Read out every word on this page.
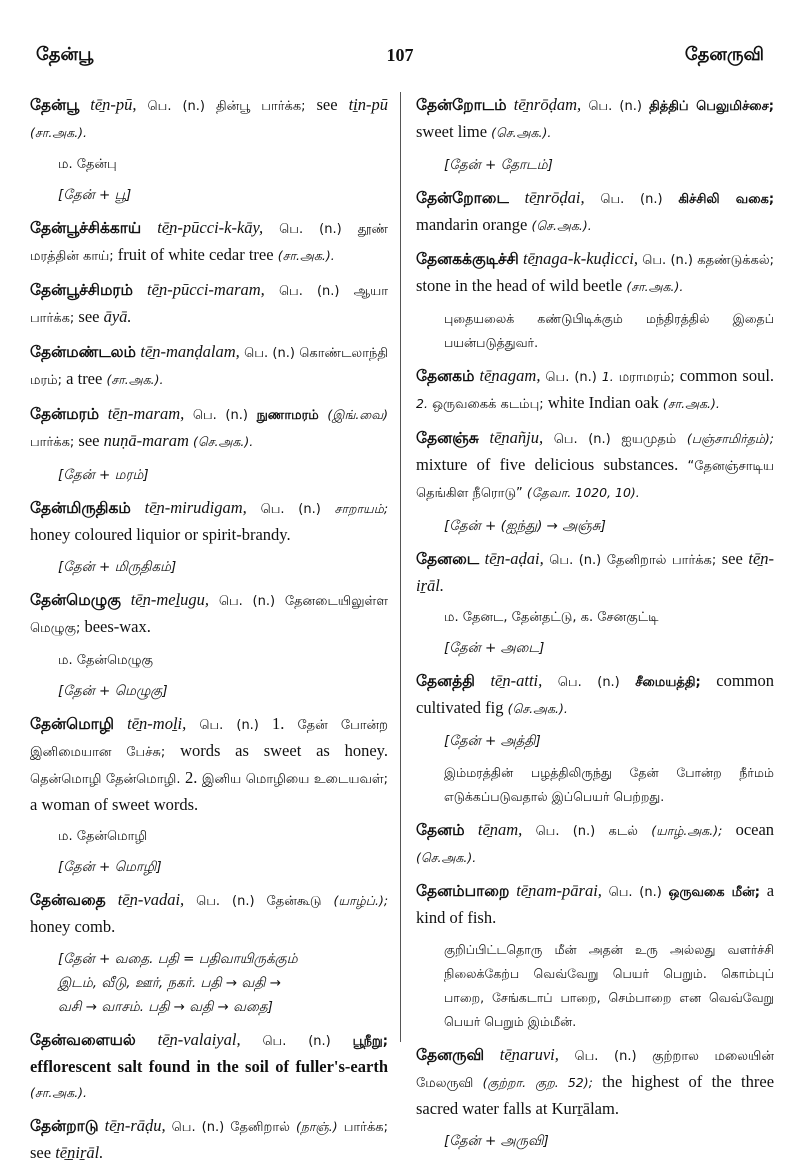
தேன்பூ	107	தேனருவி
தேன்பூ tē̱n-pū, பெ. (n.) தின்பூ பார்க்க; see ti̱n-pū (சா.அக.).
ம. தேன்பு
[தேன் + பூ]
தேன்பூச்சிக்காய் tē̱n-pūcci-k-kāy, பெ. (n.) தூண் மரத்தின் காய்; fruit of white cedar tree (சா.அக.).
தேன்பூச்சிமரம் tē̱n-pūcci-maram, பெ. (n.) ஆயா பார்க்க; see āyā.
தேன்மண்டலம் tē̱n-manḍalam, பெ. (n.) கொண்டலாந்தி மரம்; a tree (சா.அக.).
தேன்மரம் tē̱n-maram, பெ. (n.) நுணாமரம் (இங்.வை) பார்க்க; see nuṇā-maram (செ.அக.).
[தேன் + மரம்]
தேன்மிருதிகம் tē̱n-mirudigam, பெ. (n.) சாறாயம்; honey coloured liquior or spirit-brandy.
[தேன் + மிருதிகம்]
தேன்மெழுகு tē̱n-meḻugu, பெ. (n.) தேனடையிலுள்ள மெழுகு; bees-wax.
ம. தேன்மெழுகு
[தேன் + மெழுகு]
தேன்மொழி tē̱n-moḻi, பெ. (n.) 1. தேன் போன்ற இனிமையான பேச்சு; words as sweet as honey. தென்மொழி தேன்மொழி. 2. இனிய மொழியை உடையவள்; a woman of sweet words.
ம. தேன்மொழி
[தேன் + மொழி]
தேன்வதை tē̱n-vadai, பெ. (n.) தேன்கூடு (யாழ்ப்.); honey comb.
[தேன் + வதை. பதி = பதிவாயிருக்கும்
இடம், வீடு, ஊர், நகர். பதி → வதி →
வசி → வாசம். பதி → வதி → வதை]
தேன்வளையல் tē̱n-valaiyal, பெ. (n.) பூநீறு; efflorescent salt found in the soil of fuller's-earth (சா.அக.).
தேன்றாடு tē̱n-rāḍu, பெ. (n.) தேனிறால் (நாஞ்.) பார்க்க; see tē̱ṉiṟāl.
தேன்றோடம் tē̱nrōḍam, பெ. (n.) தித்திப் பெலுமிச்சை; sweet lime (செ.அக.).
[தேன் + தோடம்]
தேன்றோடை tē̱nrōḍai, பெ. (n.) கிச்சிலி வகை; mandarin orange (செ.அக.).
தேனகக்குடிச்சி tē̱naga-k-kuḍicci, பெ. (n.) கதண்டுக்கல்; stone in the head of wild beetle (சா.அக.).
புதையலைக் கண்டுபிடிக்கும் மந்திரத்தில் இதைப் பயன்படுத்துவர்.
தேனகம் tē̱nagam, பெ. (n.) 1. மராமரம்; common soul. 2. ஒருவகைக் கடம்பு; white Indian oak (சா.அக.).
தேனஞ்சு tē̱nañju, பெ. (n.) ஐயமுதம் (பஞ்சாமிர்தம்); mixture of five delicious substances. “தேனஞ்சாடிய தெங்கிள நீரொடு” (தேவா. 1020, 10).
[தேன் + (ஐந்து) → அஞ்சு]
தேனடை tē̱n-aḍai, பெ. (n.) தேனிறால் பார்க்க; see tē̱n-iṟāl.
ம. தேனட, தேன்தட்டு, க. சேனகுட்டி
[தேன் + அடை]
தேனத்தி tē̱n-atti, பெ. (n.) சீமையத்தி; common cultivated fig (செ.அக.).
[தேன் + அத்தி]
இம்மரத்தின் பழத்திலிருந்து தேன் போன்ற நீர்மம் எடுக்கப்படுவதால் இப்பெயர் பெற்றது.
தேனம் tē̱nam, பெ. (n.) கடல் (யாழ்.அக.); ocean (செ.அக.).
தேனம்பாறை tē̱nam-pārai, பெ. (n.) ஒருவகை மீன்; a kind of fish.
குறிப்பிட்டதொரு மீன் அதன் உரு அல்லது வளர்ச்சி நிலைக்கேற்ப வெவ்வேறு பெயர் பெறும். கொம்புப் பாறை, சேங்கடாப் பாறை, செம்பாறை என வெவ்வேறு பெயர் பெறும் இம்மீன்.
தேனருவி tē̱naruvi, பெ. (n.) குற்றால மலையின் மேலருவி (குற்றா. குற. 52); the highest of the three sacred water falls at Kurṟālam.
[தேன் + அருவி]
